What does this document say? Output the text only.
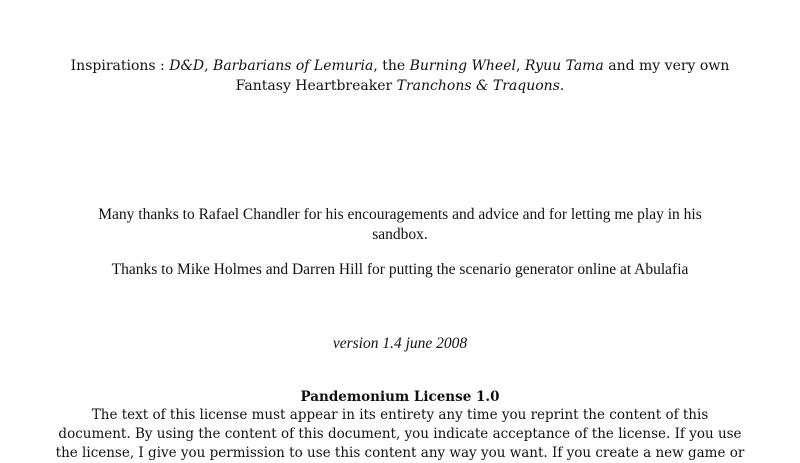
Inspirations : D&D, Barbarians of Lemuria, the Burning Wheel, Ryuu Tama and my very own Fantasy Heartbreaker Tranchons & Traquons.
Many thanks to Rafael Chandler for his encouragements and advice and for letting me play in his sandbox.
Thanks to Mike Holmes and Darren Hill for putting the scenario generator online at Abulafia
version 1.4 june 2008
Pandemonium License 1.0
The text of this license must appear in its entirety any time you reprint the content of this
document. By using the content of this document, you indicate acceptance of the license. If you use
the license, I give you permission to use this content any way you want. If you create a new game or
